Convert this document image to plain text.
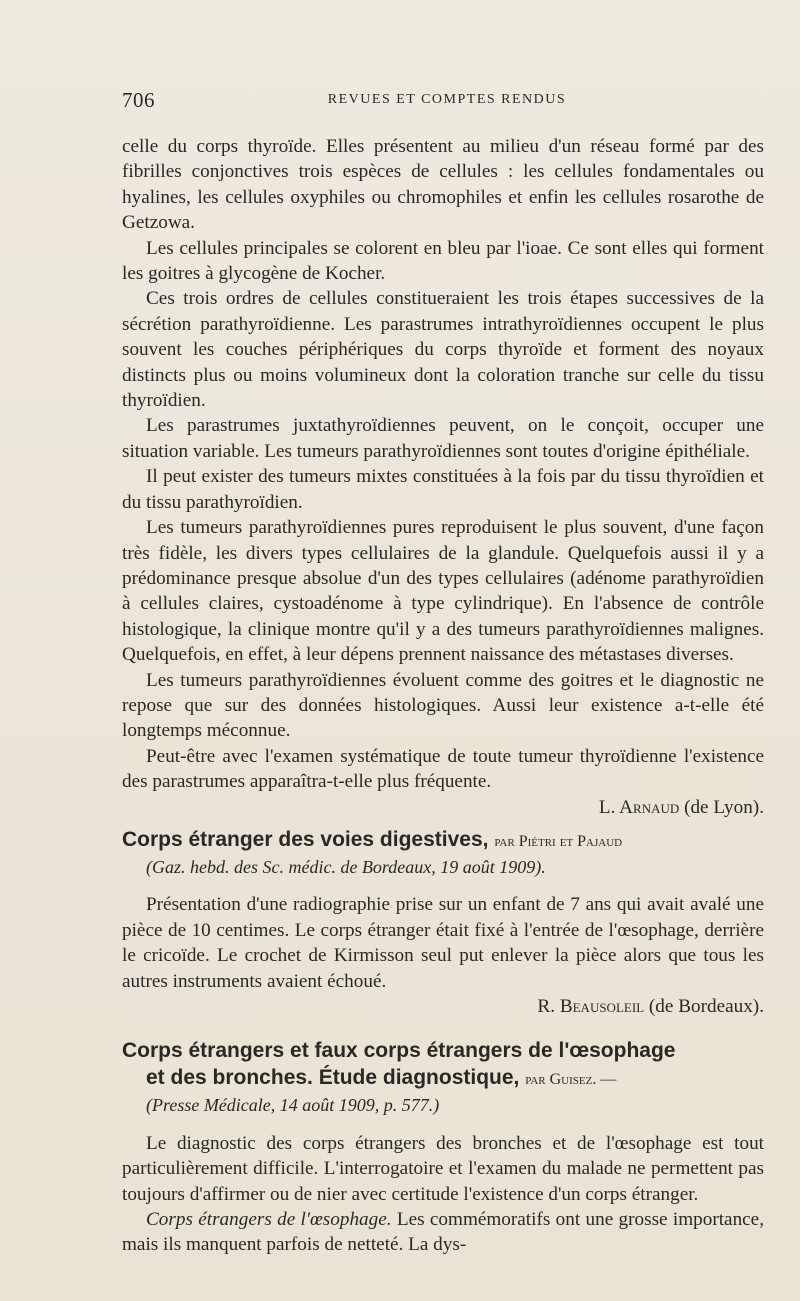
706	REVUES ET COMPTES RENDUS

celle du corps thyroïde. Elles présentent au milieu d'un réseau formé par des fibrilles conjonctives trois espèces de cellules : les cellules fondamentales ou hyalines, les cellules oxyphiles ou chromophiles et enfin les cellules rosarothe de Getzowa.

Les cellules principales se colorent en bleu par l'ioae. Ce sont elles qui forment les goitres à glycogène de Kocher.

Ces trois ordres de cellules constitueraient les trois étapes successives de la sécrétion parathyroïdienne. Les parastrumes intrathyroïdiennes occupent le plus souvent les couches périphériques du corps thyroïde et forment des noyaux distincts plus ou moins volumineux dont la coloration tranche sur celle du tissu thyroïdien.

Les parastrumes juxtathyroïdiennes peuvent, on le conçoit, occuper une situation variable. Les tumeurs parathyroïdiennes sont toutes d'origine épithéliale.

Il peut exister des tumeurs mixtes constituées à la fois par du tissu thyroïdien et du tissu parathyroïdien.

Les tumeurs parathyroïdiennes pures reproduisent le plus souvent, d'une façon très fidèle, les divers types cellulaires de la glandule. Quelquefois aussi il y a prédominance presque absolue d'un des types cellulaires (adénome parathyroïdien à cellules claires, cystoadénome à type cylindrique). En l'absence de contrôle histologique, la clinique montre qu'il y a des tumeurs parathyroïdiennes malignes. Quelquefois, en effet, à leur dépens prennent naissance des métastases diverses.

Les tumeurs parathyroïdiennes évoluent comme des goitres et le diagnostic ne repose que sur des données histologiques. Aussi leur existence a-t-elle été longtemps méconnue.

Peut-être avec l'examen systématique de toute tumeur thyroïdienne l'existence des parastrumes apparaîtra-t-elle plus fréquente.

L. Arnaud (de Lyon).

Corps étranger des voies digestives, par Piétri et Pajaud
(Gaz. hebd. des Sc. médic. de Bordeaux, 19 août 1909).

Présentation d'une radiographie prise sur un enfant de 7 ans qui avait avalé une pièce de 10 centimes. Le corps étranger était fixé à l'entrée de l'œsophage, derrière le cricoïde. Le crochet de Kirmisson seul put enlever la pièce alors que tous les autres instruments avaient échoué.

R. Beausoleil (de Bordeaux).

Corps étrangers et faux corps étrangers de l'œsophage
et des bronches. Étude diagnostique, par Guisez. —
(Presse Médicale, 14 août 1909, p. 577.)

Le diagnostic des corps étrangers des bronches et de l'œsophage est tout particulièrement difficile. L'interrogatoire et l'examen du malade ne permettent pas toujours d'affirmer ou de nier avec certitude l'existence d'un corps étranger.

Corps étrangers de l'œsophage. Les commémoratifs ont une grosse importance, mais ils manquent parfois de netteté. La dys-
